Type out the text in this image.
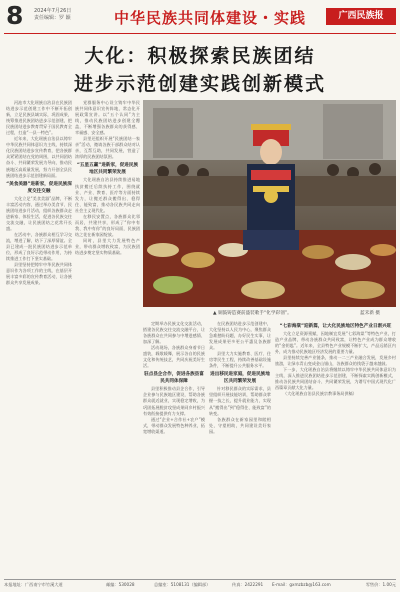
8 2024年7月26日
责任编辑：罗 颖	中华民族共同体建设・实践	广西民族报
大化：积极探索民族团结
进步示范创建实践创新模式

河池市大化瑶族自治县在民族团结进步示范创建工作中不断开拓创新，立足民族县域实际，巩固成果，统筹推进民族团结进步示范创建，把民族团结进步教育贯穿于国民教育全过程，打造“一县一特色”。

近年来，大化瑶族自治县以铸牢中华民族共同体意识为主线，持续深化民族团结进步宣传教育，把各族群众紧紧团结在党的周围，以共同团结奋斗、共同繁荣发展为导向，推动民族地区高质量发展，努力开创全县民族团结进步示范创建新局面。

“美食美器”进新家，促进民族深度交往交融

大化立足“美食美器”品牌，不断丰富活动内容，通过举办美食节、民族团结进步月活动，组织各族群众走进新家、体验生活，促进各民族交往交流交融，让民族团结之花常开长盛。

在活动中，各族群众相互学习交流，增进了解，结下了深厚情谊。全县已建成一批民族团结进步示范单位，形成了良好示范带动作用，为持续推进工作打下坚实基础。

县里坚持把铸牢中华民族共同体意识作为各项工作的主线，在基层开展丰富多彩的宣传教育活动，让各族群众共享发展成果。

党群服务中心设立铸牢中华民族共同体意识宣传阵地，常态化开展政策宣讲。以“五个认同”为主线，推动民族团结进步创建全覆盖，不断增强各族群众的获得感、幸福感、安全感。

县里还组织开展“民族团结一家亲”活动，邀请各族干部群众结对认亲，互帮互助，共同发展，营造了浓厚的民族团结氛围。

“五星五赢”进新家，促进民族地区共同繁荣发展

大化瑶族自治县持续推进易地扶贫搬迁后续扶持工作，围绕就业、产业、教育、医疗等方面持续发力，让搬迁群众搬得出、稳得住、能致富，推动各民族共同走向社会主义现代化。

在移民安置点，各族群众比邻而居，共建共享，形成了“你中有我、我中有你”的良好局面，民族团结之花在新家园绽放。

同时，县里大力发展特色产业，带动群众增收致富，为民族团结进步奠定坚实物质基础。

▲ 铜鼓铸造赛前盛装歌手“化学彩翎”。	蓝禾新 摄

定期举办民族文化交流活动，搭建各民族交往交流交融平台，让各族群众在共同参与中增进感情、加深了解。

活动现场，各族群众身着节日盛装，载歌载舞，展示各自的民族文化和传统技艺，共同庆祝美好生活。

驻点县企合作，促进各族县富民共同体保障

县里积极推动县企合作，引导企业参与民族地区建设，帮助各族群众就近就业，实现稳定增收，为巩固拓展脱贫攻坚成果同乡村振兴有效衔接提供有力支撑。

通过“企业+合作社+农户”模式，带动群众发展特色种养业，拓宽增收渠道。

在民族团结进步示范创建中，大化坚持以人民为中心，聚焦群众急难愁盼问题，办好民生实事，让发展成果更多更公平惠及各族群众。

县里大力实施教育、医疗、住房等民生工程，持续改善基础设施条件，不断提升公共服务水平。

进出移民进家庭，促进民族地区共同繁荣发展

针对移民群众的实际需求，县里组织开展技能培训，帮助群众掌握一技之长，提升就业能力，实现从“搬得出”到“稳得住、能致富”的转变。

各族群众在新家园里和睦相处，守望相助，共同建设美好家园。

“七彩海棠”迎新篇，让大化民族地区特色产业日渐兴旺

大化立足资源禀赋，因地制宜发展“七彩海棠”等特色产业，打造产业品牌，带动各族群众共同致富，让特色产业成为群众增收的“金钥匙”。近年来，全县特色产业规模不断扩大，产品远销区内外，成为推动民族地区经济发展的重要力量。

县里持续完善产业链条，推动一二三产业融合发展，发展乡村旅游，让绿水青山变成金山银山，各族群众的钱袋子越来越鼓。

下一步，大化瑶族自治县将继续以铸牢中华民族共同体意识为主线，深入推进民族团结进步示范创建，不断探索实践创新模式，推动各民族共同团结奋斗、共同繁荣发展，为谱写中国式现代化广西篇章贡献大化力量。

（大化瑶族自治县民族宗教事务局供稿）

本报地址：广西南宁市竹溪大道	邮编：530028	总编室：5108131（编辑部）	传真：2422291 E-mail：gxmzbzb@163.com	零售价：1.00元
